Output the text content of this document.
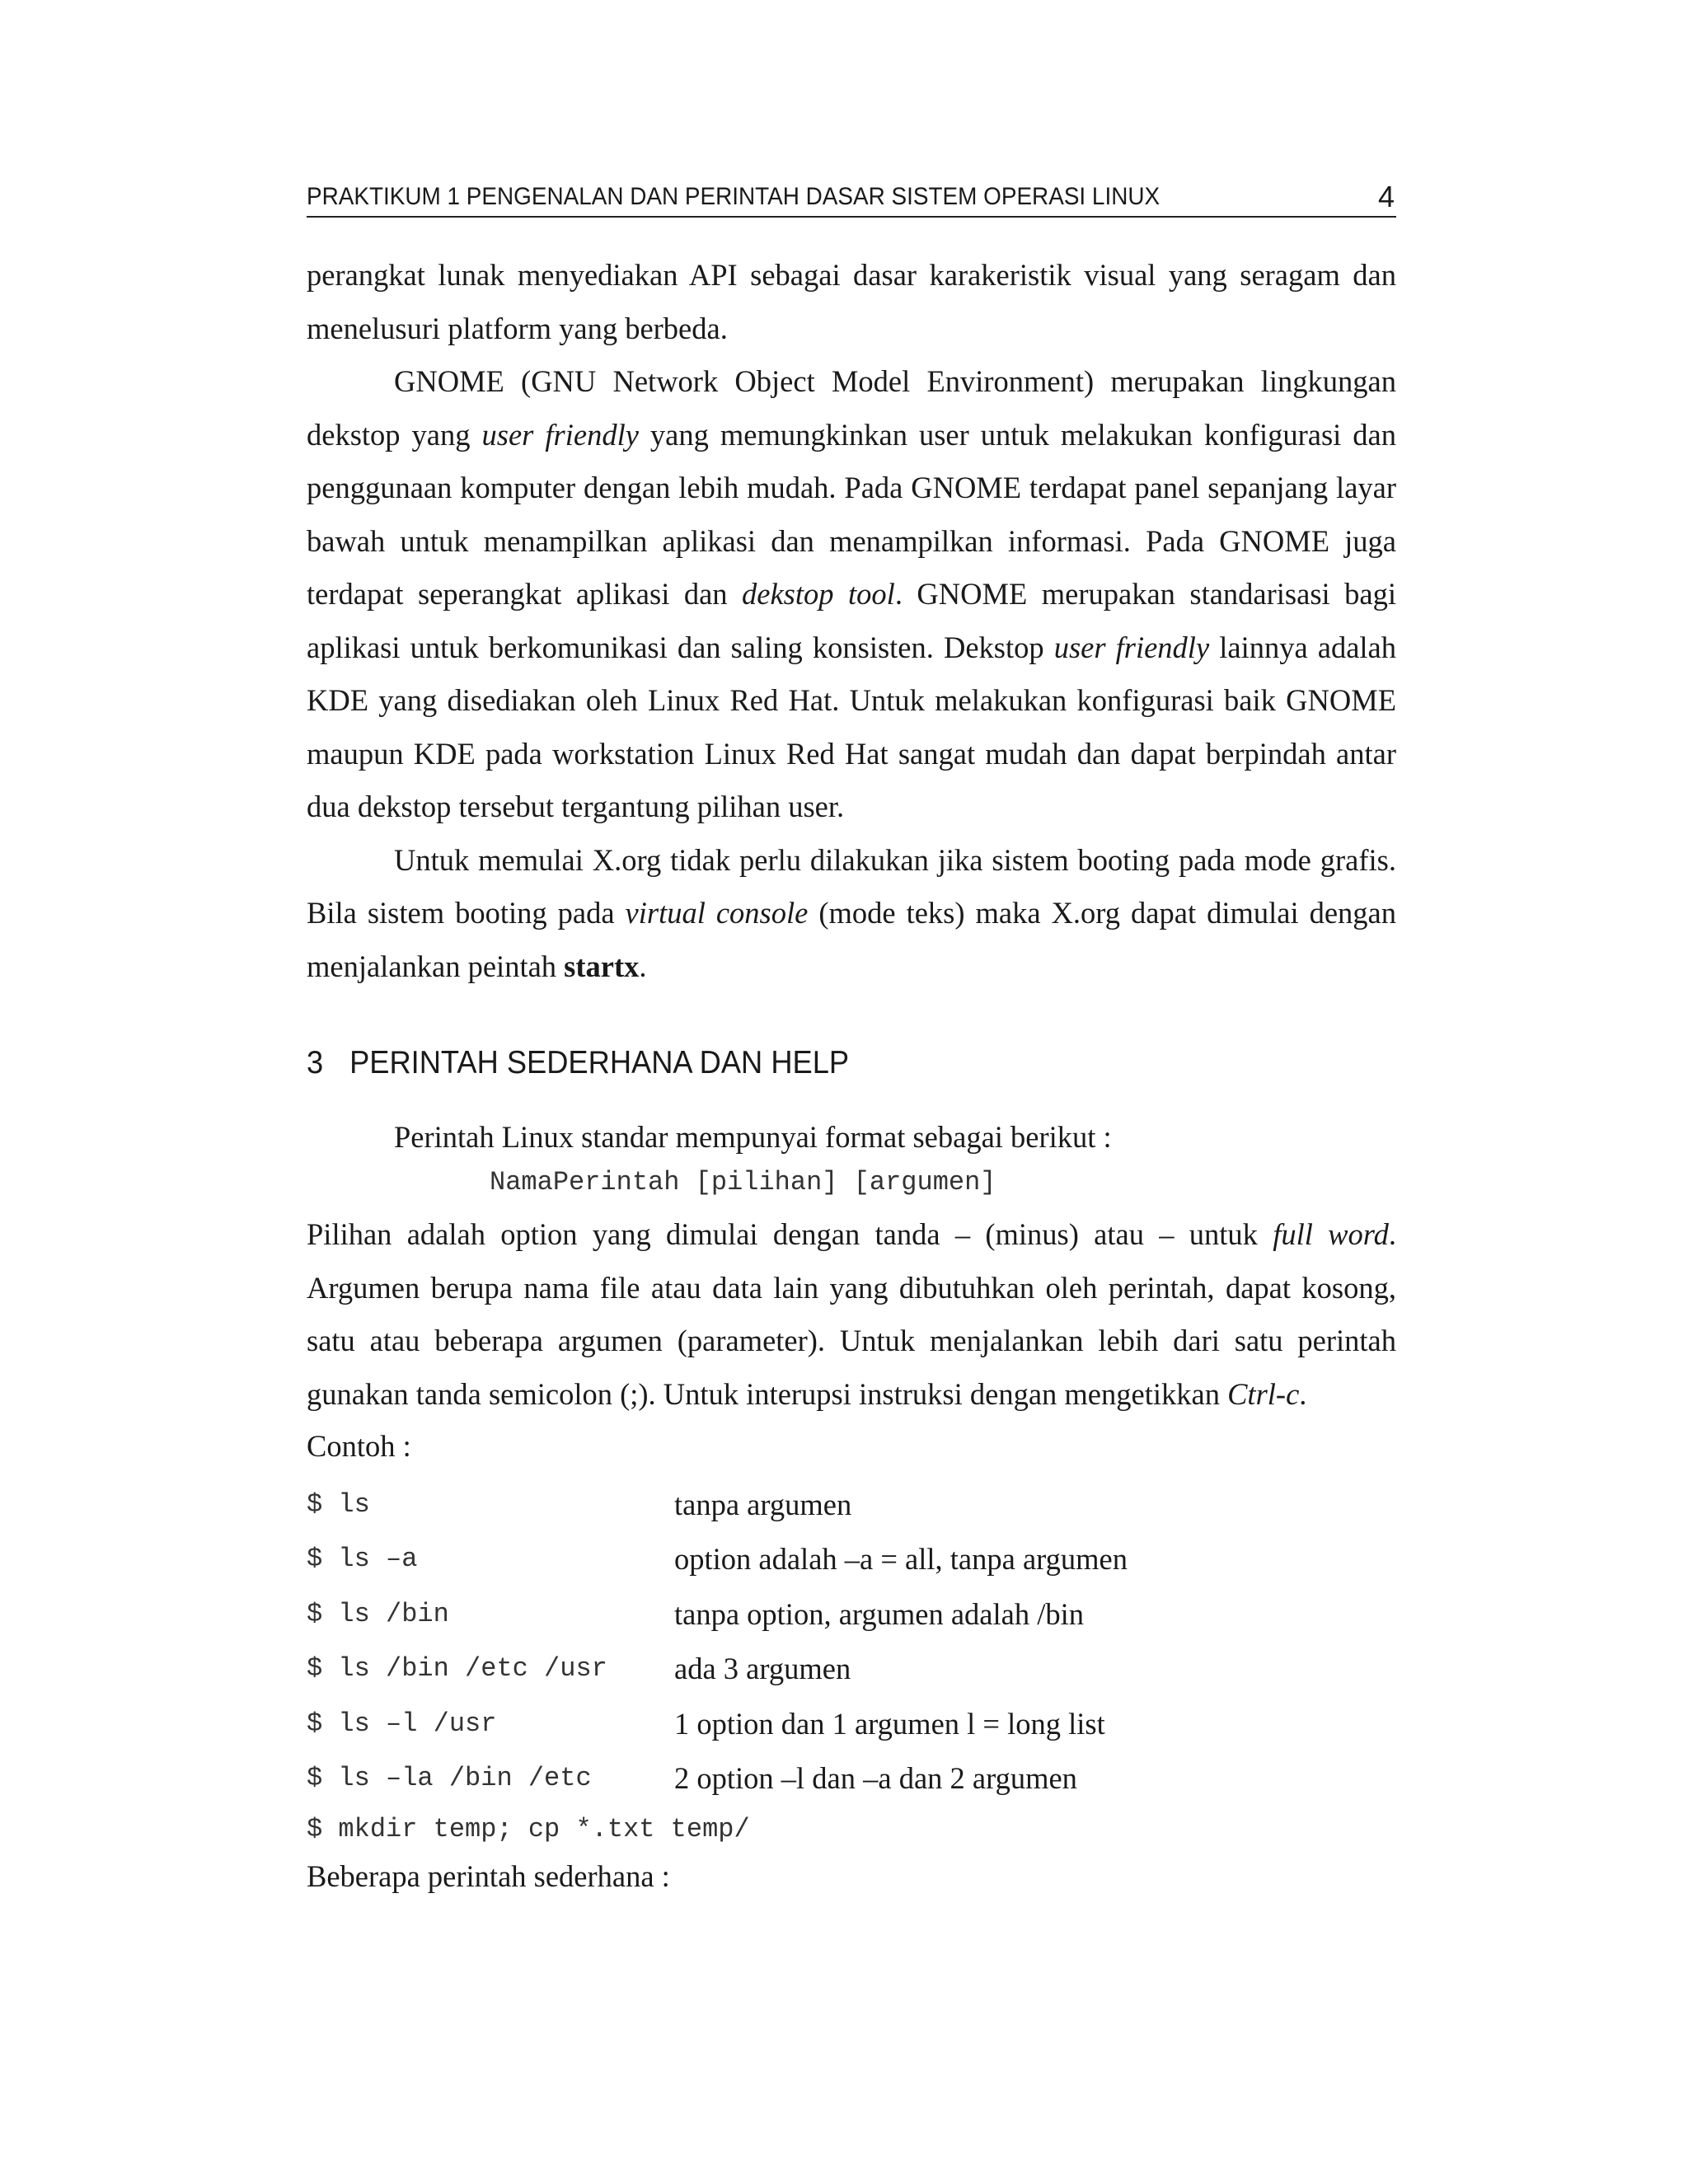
PRAKTIKUM 1 PENGENALAN DAN PERINTAH DASAR SISTEM OPERASI LINUX	4

perangkat lunak menyediakan API sebagai dasar karakeristik visual yang seragam dan menelusuri platform yang berbeda.

GNOME (GNU Network Object Model Environment) merupakan lingkungan dekstop yang user friendly yang memungkinkan user untuk melakukan konfigurasi dan penggunaan komputer dengan lebih mudah. Pada GNOME terdapat panel sepanjang layar bawah untuk menampilkan aplikasi dan menampilkan informasi. Pada GNOME juga terdapat seperangkat aplikasi dan dekstop tool. GNOME merupakan standarisasi bagi aplikasi untuk berkomunikasi dan saling konsisten. Dekstop user friendly lainnya adalah KDE yang disediakan oleh Linux Red Hat. Untuk melakukan konfigurasi baik GNOME maupun KDE pada workstation Linux Red Hat sangat mudah dan dapat berpindah antar dua dekstop tersebut tergantung pilihan user.

Untuk memulai X.org tidak perlu dilakukan jika sistem booting pada mode grafis. Bila sistem booting pada virtual console (mode teks) maka X.org dapat dimulai dengan menjalankan peintah startx.

3 PERINTAH SEDERHANA DAN HELP

Perintah Linux standar mempunyai format sebagai berikut :

NamaPerintah [pilihan] [argumen]

Pilihan adalah option yang dimulai dengan tanda – (minus) atau – untuk full word. Argumen berupa nama file atau data lain yang dibutuhkan oleh perintah, dapat kosong, satu atau beberapa argumen (parameter). Untuk menjalankan lebih dari satu perintah gunakan tanda semicolon (;). Untuk interupsi instruksi dengan mengetikkan Ctrl-c.

Contoh :

$ ls	tanpa argumen
$ ls –a	option adalah –a = all, tanpa argumen
$ ls /bin	tanpa option, argumen adalah /bin
$ ls /bin /etc /usr	ada 3 argumen
$ ls –l /usr	1 option dan 1 argumen l = long list
$ ls –la /bin /etc	2 option –l dan –a dan 2 argumen
$ mkdir temp; cp *.txt temp/

Beberapa perintah sederhana :
